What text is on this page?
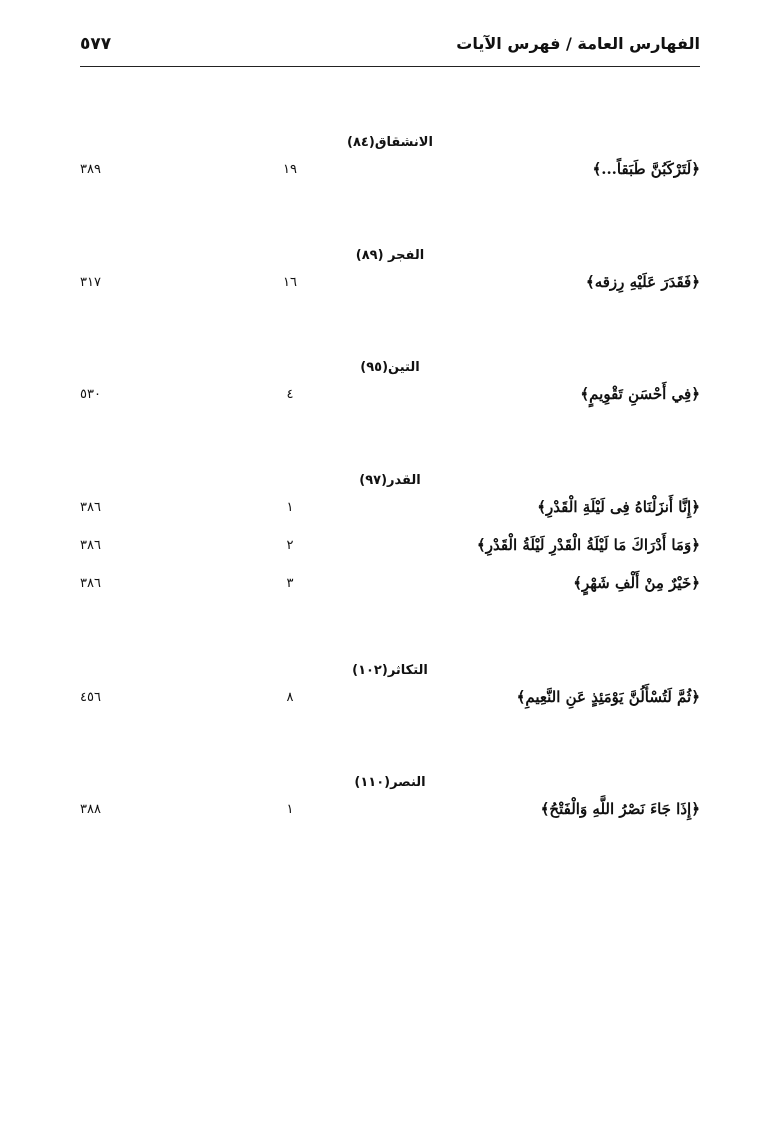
الفهارس العامة / فهرس الآيات
٥٧٧
الانشقاق(٨٤)
﴿لَتَرْكَبُنَّ طَبَقاً...﴾
١٩
٣٨٩
الفجر (٨٩)
﴿فَقَدَرَ عَلَيْهِ رِزقه﴾
١٦
٣١٧
التين(٩٥)
﴿فِي أَحْسَنِ تَقْوِيمٍ﴾
٤
٥٣٠
القدر(٩٧)
﴿إِنَّا أَنزَلْنَاهُ فِى لَيْلَةِ الْقَدْرِ﴾
١
٣٨٦
﴿وَمَا أَدْرَاكَ مَا لَيْلَةُ الْقَدْرِ لَيْلَةُ الْقَدْرِ﴾
٢
٣٨٦
﴿خَيْرٌ مِنْ أَلْفِ شَهْرٍ﴾
٣
٣٨٦
التكاثر(١٠٢)
﴿ثُمَّ لَتُسْأَلُنَّ يَوْمَئِذٍ عَنِ النَّعِيمِ﴾
٨
٤٥٦
النصر(١١٠)
﴿إِذَا جَاءَ نَصْرُ اللَّهِ وَالْفَتْحُ﴾
١
٣٨٨
